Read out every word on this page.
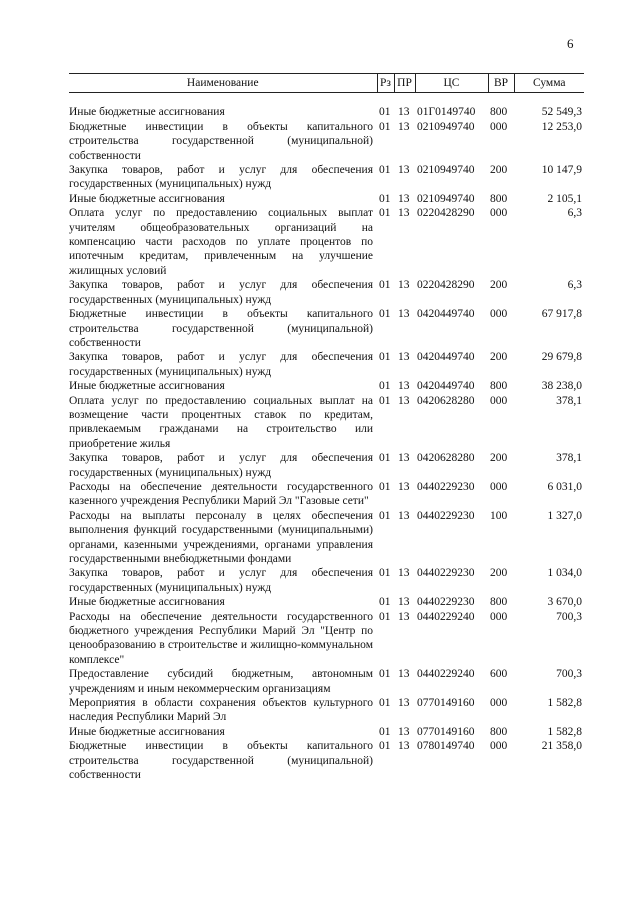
6
Наименование	Рз	ПР	ЦС	ВР	Сумма
Иные бюджетные ассигнования	01	13	01Г0149740	800	52 549,3
Бюджетные инвестиции в объекты капитального строительства государственной (муниципальной) собственности	01	13	0210949740	000	12 253,0
Закупка товаров, работ и услуг для обеспечения государственных (муниципальных) нужд	01	13	0210949740	200	10 147,9
Иные бюджетные ассигнования	01	13	0210949740	800	2 105,1
Оплата услуг по предоставлению социальных выплат учителям общеобразовательных организаций на компенсацию части расходов по уплате процентов по ипотечным кредитам, привлеченным на улучшение жилищных условий	01	13	0220428290	000	6,3
Закупка товаров, работ и услуг для обеспечения государственных (муниципальных) нужд	01	13	0220428290	200	6,3
Бюджетные инвестиции в объекты капитального строительства государственной (муниципальной) собственности	01	13	0420449740	000	67 917,8
Закупка товаров, работ и услуг для обеспечения государственных (муниципальных) нужд	01	13	0420449740	200	29 679,8
Иные бюджетные ассигнования	01	13	0420449740	800	38 238,0
Оплата услуг по предоставлению социальных выплат на возмещение части процентных ставок по кредитам, привлекаемым гражданами на строительство или приобретение жилья	01	13	0420628280	000	378,1
Закупка товаров, работ и услуг для обеспечения государственных (муниципальных) нужд	01	13	0420628280	200	378,1
Расходы на обеспечение деятельности государственного казенного учреждения Республики Марий Эл "Газовые сети"	01	13	0440229230	000	6 031,0
Расходы на выплаты персоналу в целях обеспечения выполнения функций государственными (муниципальными) органами, казенными учреждениями, органами управления государственными внебюджетными фондами	01	13	0440229230	100	1 327,0
Закупка товаров, работ и услуг для обеспечения государственных (муниципальных) нужд	01	13	0440229230	200	1 034,0
Иные бюджетные ассигнования	01	13	0440229230	800	3 670,0
Расходы на обеспечение деятельности государственного бюджетного учреждения Республики Марий Эл "Центр по ценообразованию в строительстве и жилищно-коммунальном комплексе"	01	13	0440229240	000	700,3
Предоставление субсидий бюджетным, автономным учреждениям и иным некоммерческим организациям	01	13	0440229240	600	700,3
Мероприятия в области сохранения объектов культурного наследия Республики Марий Эл	01	13	0770149160	000	1 582,8
Иные бюджетные ассигнования	01	13	0770149160	800	1 582,8
Бюджетные инвестиции в объекты капитального строительства государственной (муниципальной) собственности	01	13	0780149740	000	21 358,0
